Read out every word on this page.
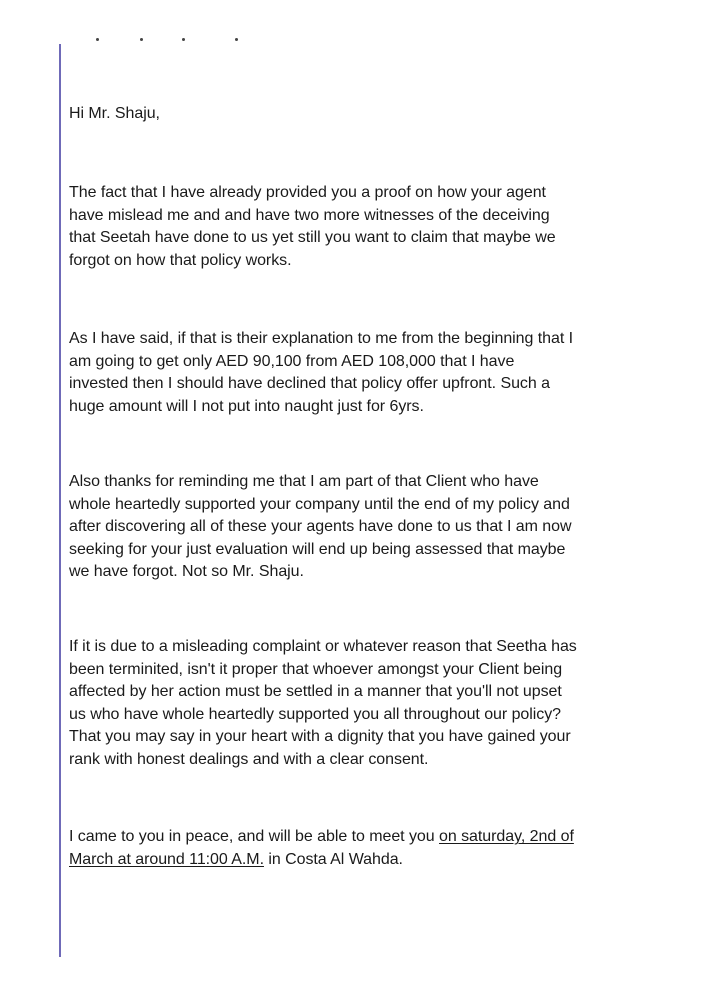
Hi Mr. Shaju,

The fact that I have already provided you a proof on how your agent
have mislead me and and have two more witnesses of the deceiving
that Seetah have done to us yet still you want to claim that maybe we
forgot on how that policy works.

As I have said, if that is their explanation to me from the beginning that I
am going to get only AED 90,100 from AED 108,000 that I have
invested then I should have declined that policy offer upfront. Such a
huge amount will I not put into naught just for 6yrs.

Also thanks for reminding me that I am part of that Client who have
whole heartedly supported your company until the end of my policy and
after discovering all of these your agents have done to us that I am now
seeking for your just evaluation will end up being assessed that maybe
we have forgot. Not so Mr. Shaju.

If it is due to a misleading complaint or whatever reason that Seetha has
been terminited, isn't it proper that whoever amongst your Client being
affected by her action must be settled in a manner that you'll not upset
us who have whole heartedly supported you all throughout our policy?
That you may say in your heart with a dignity that you have gained your
rank with honest dealings and with a clear consent.

I came to you in peace, and will be able to meet you on saturday, 2nd of
March at around 11:00 A.M. in Costa Al Wahda.
